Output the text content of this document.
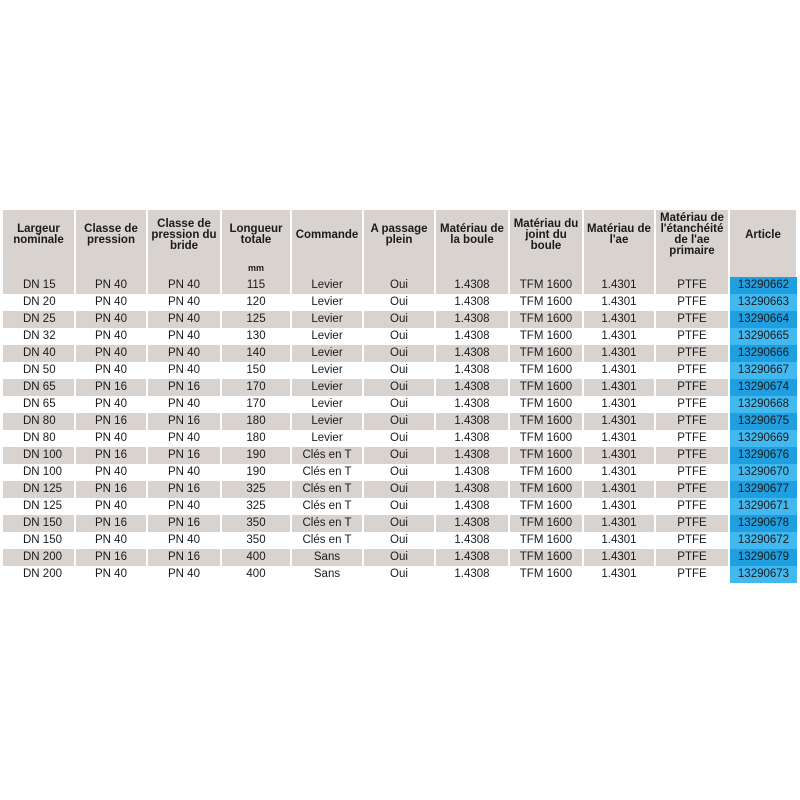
Largeur nominale	Classe de pression	Classe de pression du bride	Longueur totale	Commande	A passage plein	Matériau de la boule	Matériau du joint du boule	Matériau de l'ae	Matériau de l'étanchéité de l'ae primaire	Article
			mm							
DN 15	PN 40	PN 40	115	Levier	Oui	1.4308	TFM 1600	1.4301	PTFE	13290662
DN 20	PN 40	PN 40	120	Levier	Oui	1.4308	TFM 1600	1.4301	PTFE	13290663
DN 25	PN 40	PN 40	125	Levier	Oui	1.4308	TFM 1600	1.4301	PTFE	13290664
DN 32	PN 40	PN 40	130	Levier	Oui	1.4308	TFM 1600	1.4301	PTFE	13290665
DN 40	PN 40	PN 40	140	Levier	Oui	1.4308	TFM 1600	1.4301	PTFE	13290666
DN 50	PN 40	PN 40	150	Levier	Oui	1.4308	TFM 1600	1.4301	PTFE	13290667
DN 65	PN 16	PN 16	170	Levier	Oui	1.4308	TFM 1600	1.4301	PTFE	13290674
DN 65	PN 40	PN 40	170	Levier	Oui	1.4308	TFM 1600	1.4301	PTFE	13290668
DN 80	PN 16	PN 16	180	Levier	Oui	1.4308	TFM 1600	1.4301	PTFE	13290675
DN 80	PN 40	PN 40	180	Levier	Oui	1.4308	TFM 1600	1.4301	PTFE	13290669
DN 100	PN 16	PN 16	190	Clés en T	Oui	1.4308	TFM 1600	1.4301	PTFE	13290676
DN 100	PN 40	PN 40	190	Clés en T	Oui	1.4308	TFM 1600	1.4301	PTFE	13290670
DN 125	PN 16	PN 16	325	Clés en T	Oui	1.4308	TFM 1600	1.4301	PTFE	13290677
DN 125	PN 40	PN 40	325	Clés en T	Oui	1.4308	TFM 1600	1.4301	PTFE	13290671
DN 150	PN 16	PN 16	350	Clés en T	Oui	1.4308	TFM 1600	1.4301	PTFE	13290678
DN 150	PN 40	PN 40	350	Clés en T	Oui	1.4308	TFM 1600	1.4301	PTFE	13290672
DN 200	PN 16	PN 16	400	Sans	Oui	1.4308	TFM 1600	1.4301	PTFE	13290679
DN 200	PN 40	PN 40	400	Sans	Oui	1.4308	TFM 1600	1.4301	PTFE	13290673
